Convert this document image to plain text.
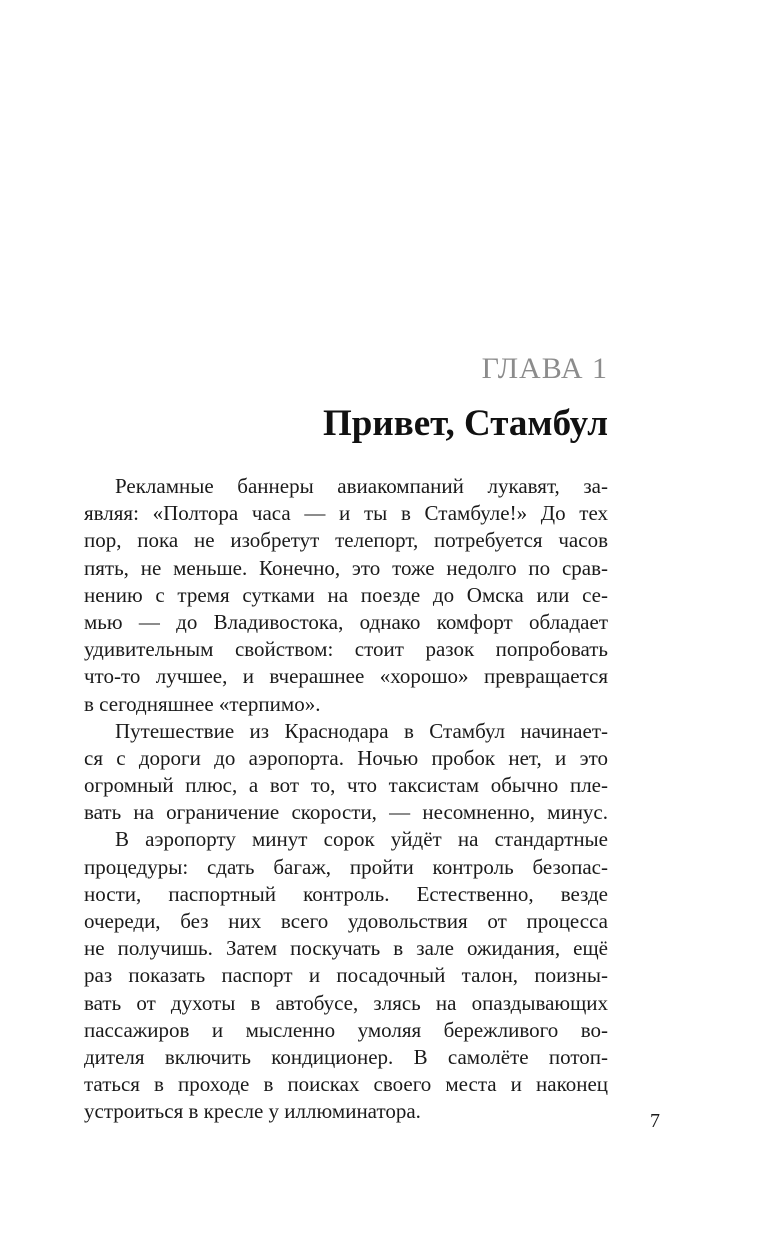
ГЛАВА 1
Привет, Стамбул
Рекламные баннеры авиакомпаний лукавят, за-
являя: «Полтора часа — и ты в Стамбуле!» До тех
пор, пока не изобретут телепорт, потребуется часов
пять, не меньше. Конечно, это тоже недолго по срав-
нению с тремя сутками на поезде до Омска или се-
мью — до Владивостока, однако комфорт обладает
удивительным свойством: стоит разок попробовать
что-то лучшее, и вчерашнее «хорошо» превращается
в сегодняшнее «терпимо».
Путешествие из Краснодара в Стамбул начинает-
ся с дороги до аэропорта. Ночью пробок нет, и это
огромный плюс, а вот то, что таксистам обычно пле-
вать на ограничение скорости, — несомненно, минус.
В аэропорту минут сорок уйдёт на стандартные
процедуры: сдать багаж, пройти контроль безопас-
ности, паспортный контроль. Естественно, везде
очереди, без них всего удовольствия от процесса
не получишь. Затем поскучать в зале ожидания, ещё
раз показать паспорт и посадочный талон, поизны-
вать от духоты в автобусе, злясь на опаздывающих
пассажиров и мысленно умоляя бережливого во-
дителя включить кондиционер. В самолёте потоп-
таться в проходе в поисках своего места и наконец
устроиться в кресле у иллюминатора.	7
